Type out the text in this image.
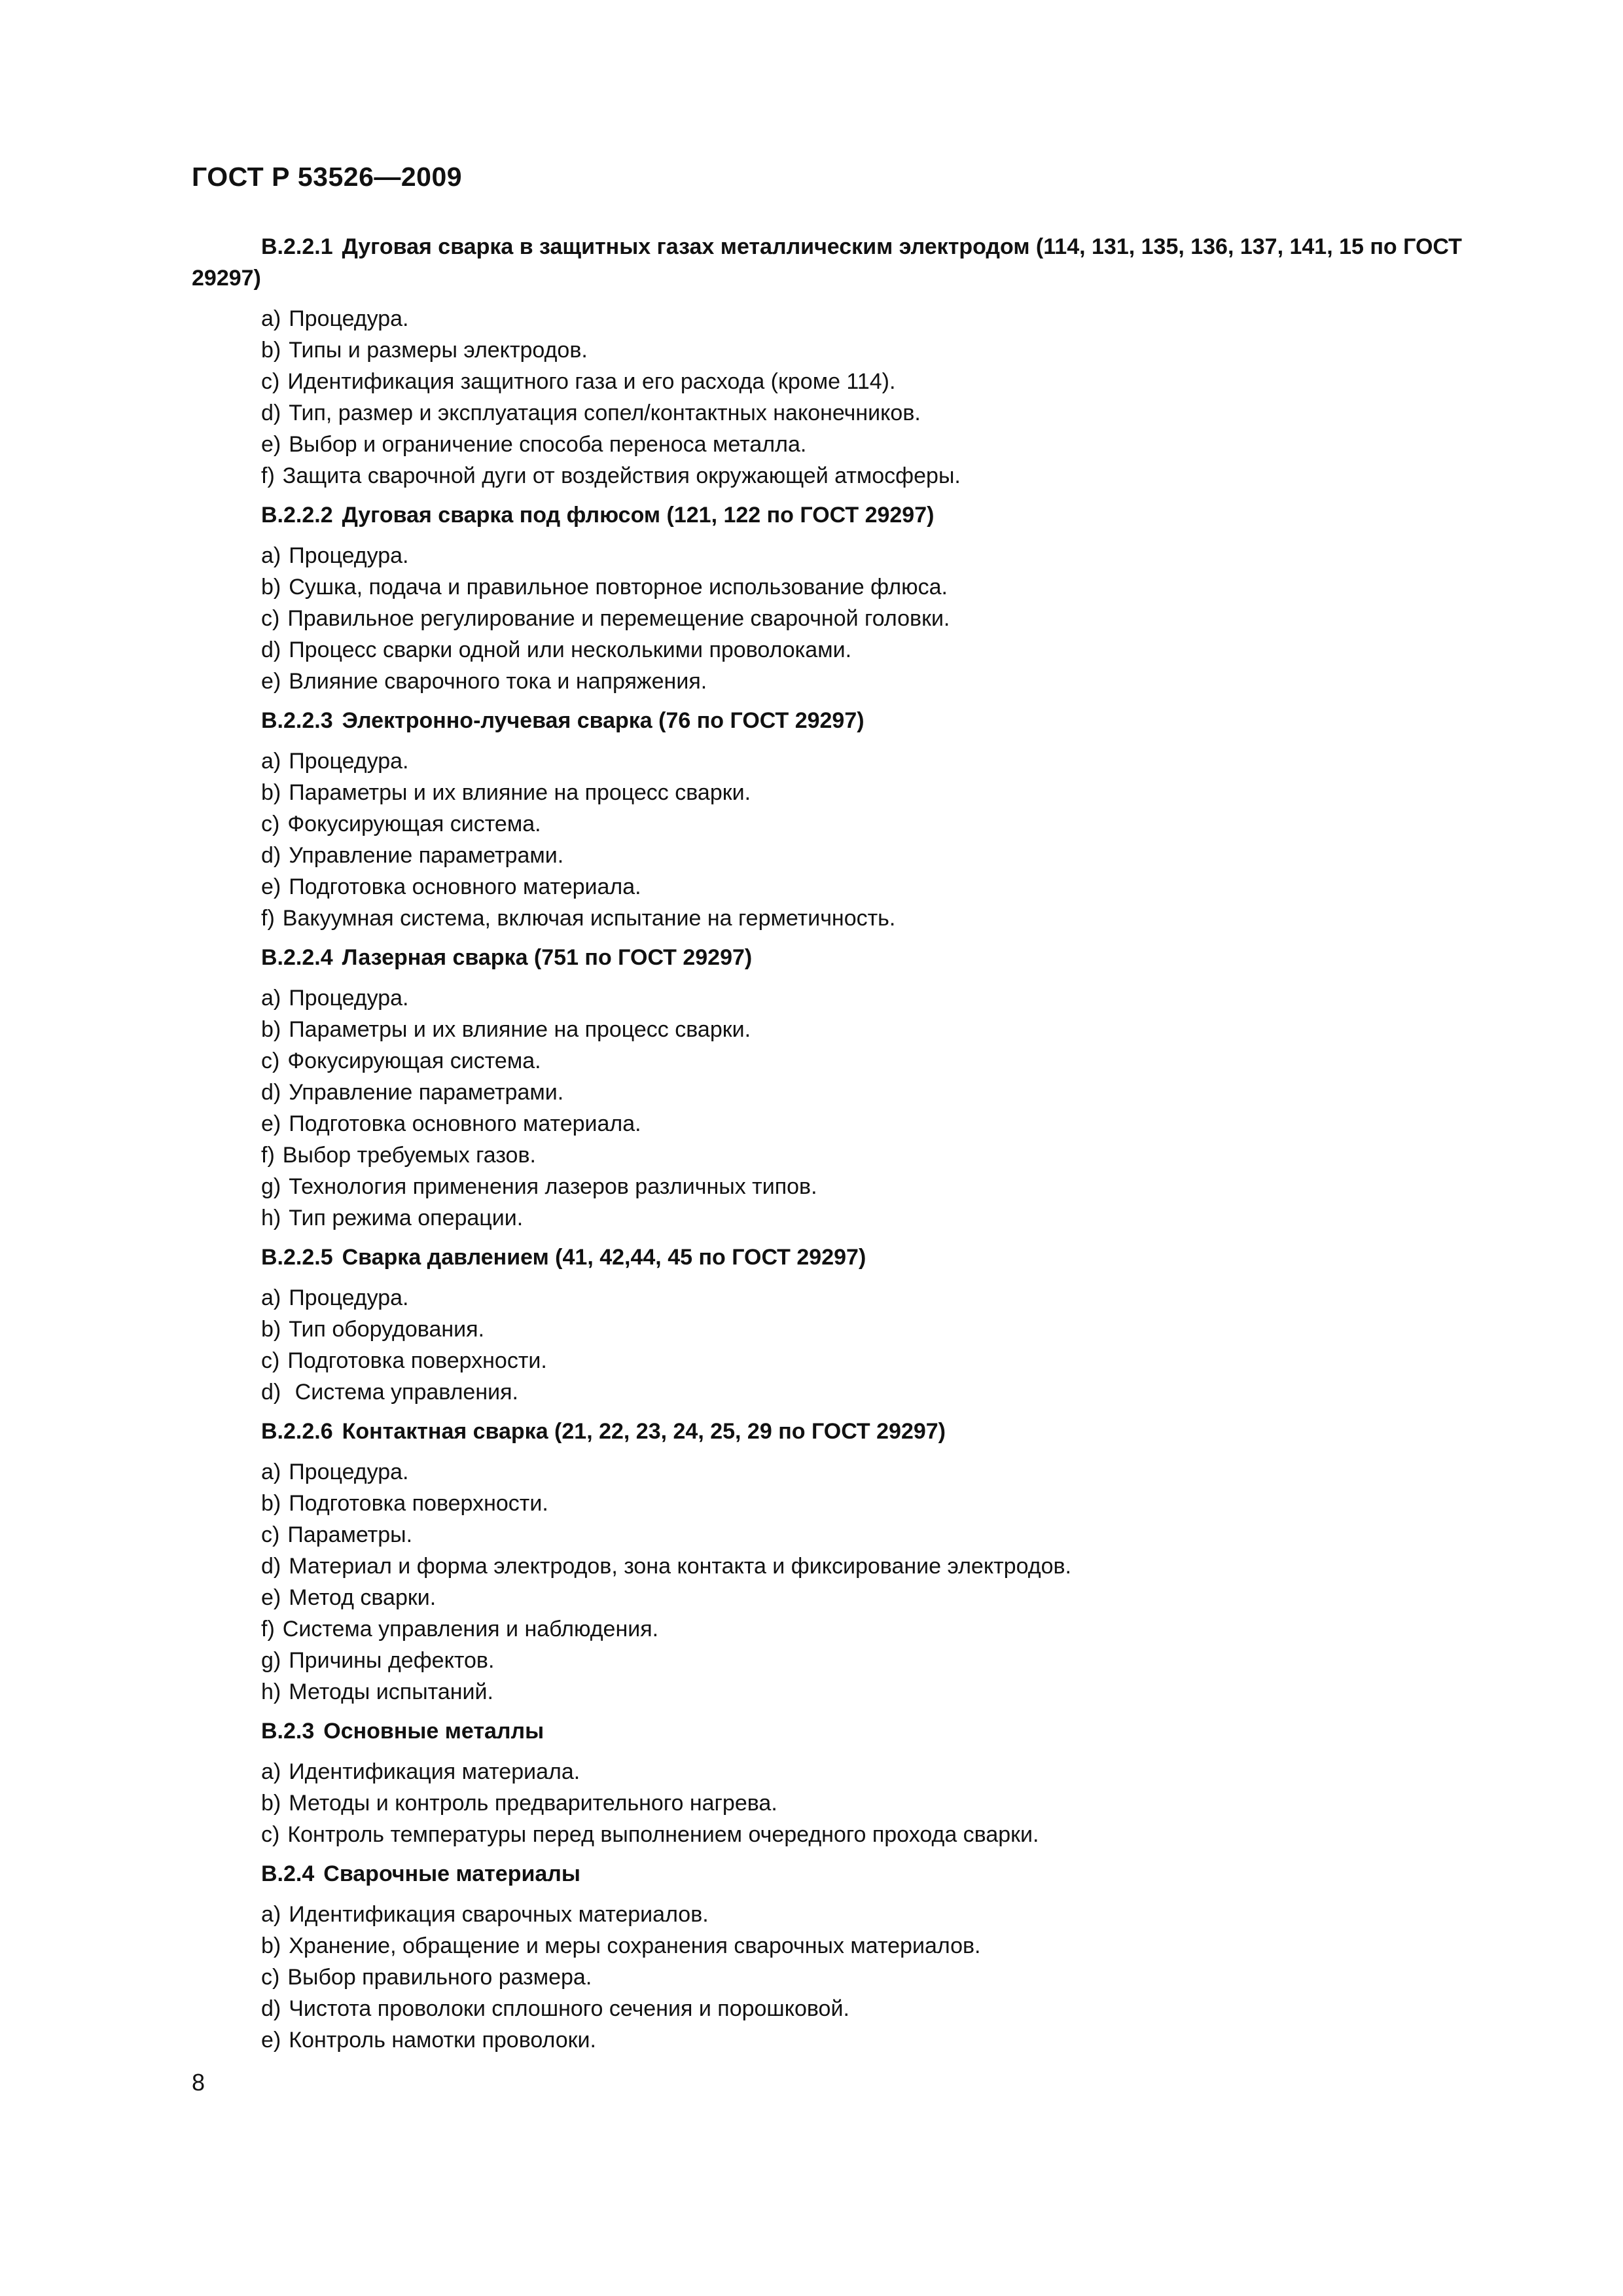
ГОСТ Р 53526—2009

В.2.2.1 Дуговая сварка в защитных газах металлическим электродом (114, 131, 135, 136, 137, 141, 15 по ГОСТ 29297)

a) Процедура.
b) Типы и размеры электродов.
c) Идентификация защитного газа и его расхода (кроме 114).
d) Тип, размер и эксплуатация сопел/контактных наконечников.
e) Выбор и ограничение способа переноса металла.
f) Защита сварочной дуги от воздействия окружающей атмосферы.

В.2.2.2 Дуговая сварка под флюсом (121, 122 по ГОСТ 29297)

a) Процедура.
b) Сушка, подача и правильное повторное использование флюса.
c) Правильное регулирование и перемещение сварочной головки.
d) Процесс сварки одной или несколькими проволоками.
e) Влияние сварочного тока и напряжения.

В.2.2.3 Электронно-лучевая сварка (76 по ГОСТ 29297)

a) Процедура.
b) Параметры и их влияние на процесс сварки.
c) Фокусирующая система.
d) Управление параметрами.
e) Подготовка основного материала.
f) Вакуумная система, включая испытание на герметичность.

В.2.2.4 Лазерная сварка (751 по ГОСТ 29297)

a) Процедура.
b) Параметры и их влияние на процесс сварки.
c) Фокусирующая система.
d) Управление параметрами.
e) Подготовка основного материала.
f) Выбор требуемых газов.
g) Технология применения лазеров различных типов.
h) Тип режима операции.

В.2.2.5 Сварка давлением (41, 42,44, 45 по ГОСТ 29297)

a) Процедура.
b) Тип оборудования.
c) Подготовка поверхности.
d) Система управления.

В.2.2.6 Контактная сварка (21, 22, 23, 24, 25, 29 по ГОСТ 29297)

a) Процедура.
b) Подготовка поверхности.
c) Параметры.
d) Материал и форма электродов, зона контакта и фиксирование электродов.
e) Метод сварки.
f) Система управления и наблюдения.
g) Причины дефектов.
h) Методы испытаний.

В.2.3 Основные металлы

a) Идентификация материала.
b) Методы и контроль предварительного нагрева.
c) Контроль температуры перед выполнением очередного прохода сварки.

В.2.4 Сварочные материалы

a) Идентификация сварочных материалов.
b) Хранение, обращение и меры сохранения сварочных материалов.
c) Выбор правильного размера.
d) Чистота проволоки сплошного сечения и порошковой.
e) Контроль намотки проволоки.
8
